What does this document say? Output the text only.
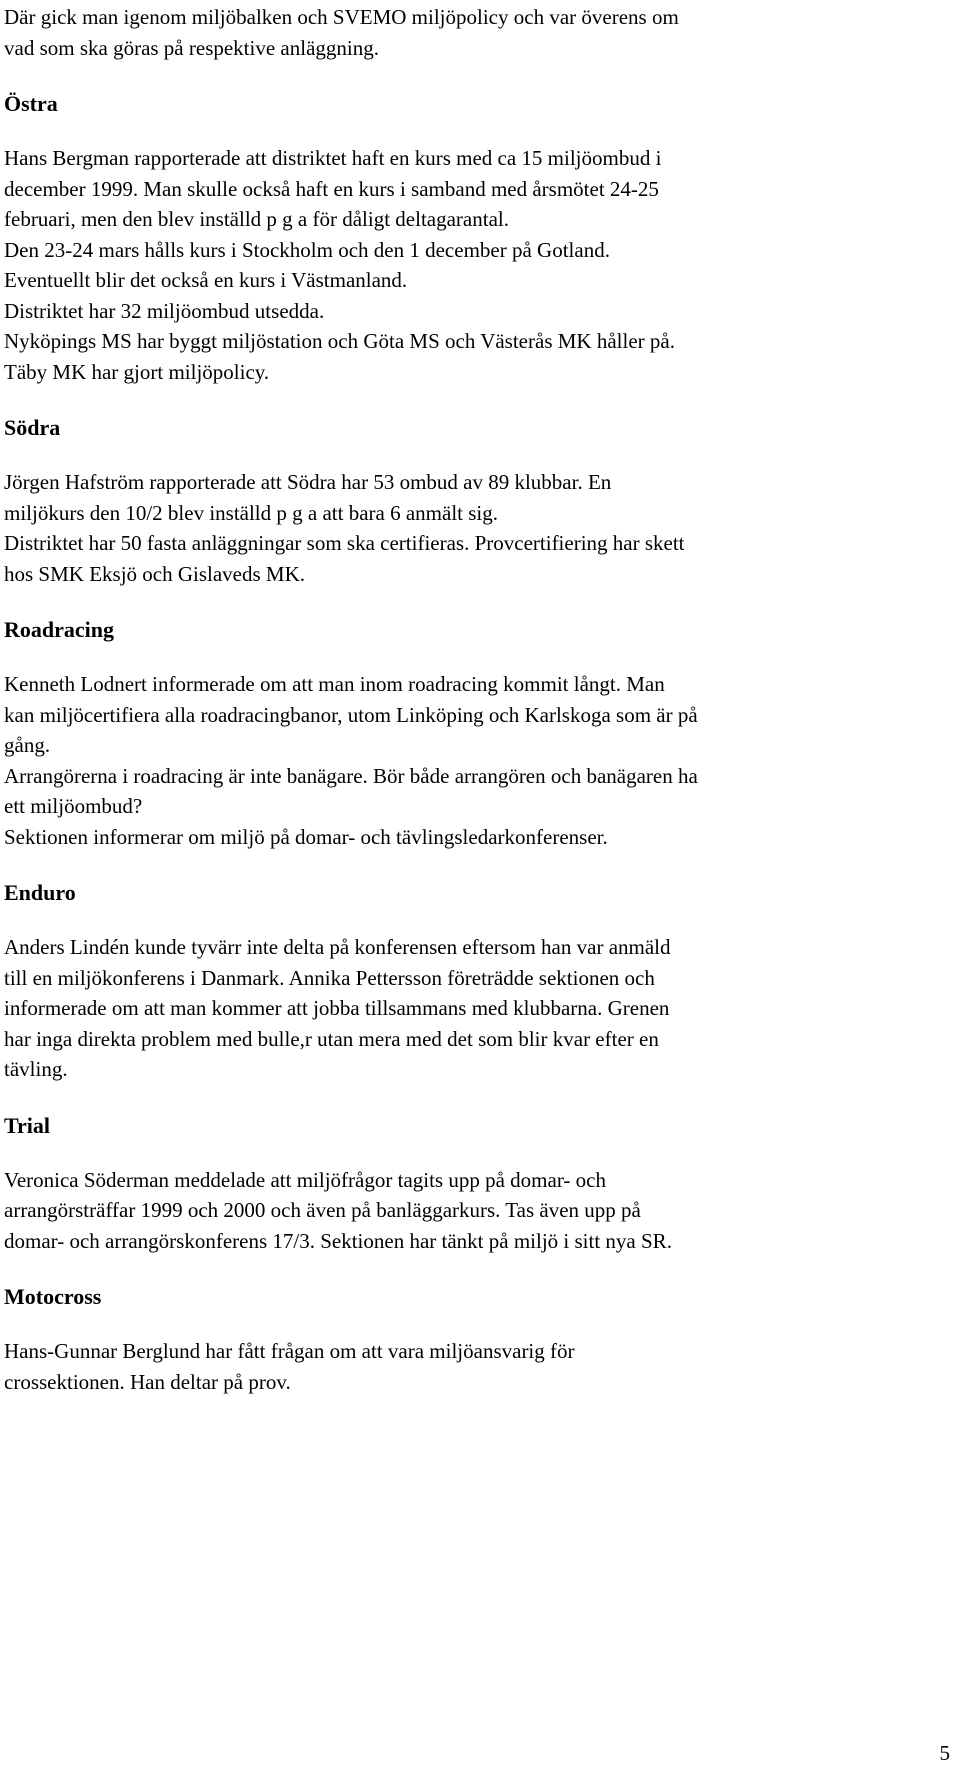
Där gick man igenom miljöbalken och SVEMO miljöpolicy och var överens om
vad som ska göras på respektive anläggning.
Östra
Hans Bergman rapporterade att distriktet haft en kurs med ca 15 miljöombud i
december 1999. Man skulle också haft en kurs i samband med årsmötet 24-25
februari, men den blev inställd p g a för dåligt deltagarantal.
Den 23-24 mars hålls kurs i Stockholm och den 1 december på Gotland.
Eventuellt blir det också en kurs i Västmanland.
Distriktet har 32 miljöombud utsedda.
Nyköpings MS har byggt miljöstation och Göta MS och Västerås MK håller på.
Täby MK har gjort miljöpolicy.
Södra
Jörgen Hafström rapporterade att Södra har 53 ombud av 89 klubbar. En
miljökurs den 10/2 blev inställd p g a att bara 6 anmält sig.
Distriktet har 50 fasta anläggningar som ska certifieras. Provcertifiering har skett
hos SMK Eksjö och Gislaveds MK.
Roadracing
Kenneth Lodnert informerade om att man inom roadracing kommit långt. Man
kan miljöcertifiera alla roadracingbanor, utom Linköping och Karlskoga som är på
gång.
Arrangörerna i roadracing är inte banägare. Bör både arrangören och banägaren ha
ett miljöombud?
Sektionen informerar om miljö på domar- och tävlingsledarkonferenser.
Enduro
Anders Lindén kunde tyvärr inte delta på konferensen eftersom han var anmäld
till en miljökonferens i Danmark. Annika Pettersson företrädde sektionen och
informerade om att man kommer att jobba tillsammans med klubbarna. Grenen
har inga direkta problem med bulle,r utan mera med det som blir kvar efter en
tävling.
Trial
Veronica Söderman meddelade att miljöfrågor tagits upp på domar- och
arrangörsträffar 1999 och 2000 och även på banläggarkurs. Tas även upp på
domar- och arrangörskonferens 17/3. Sektionen har tänkt på miljö i sitt nya SR.
Motocross
Hans-Gunnar Berglund har fått frågan om att vara miljöansvarig för
crossektionen. Han deltar på prov.
5
